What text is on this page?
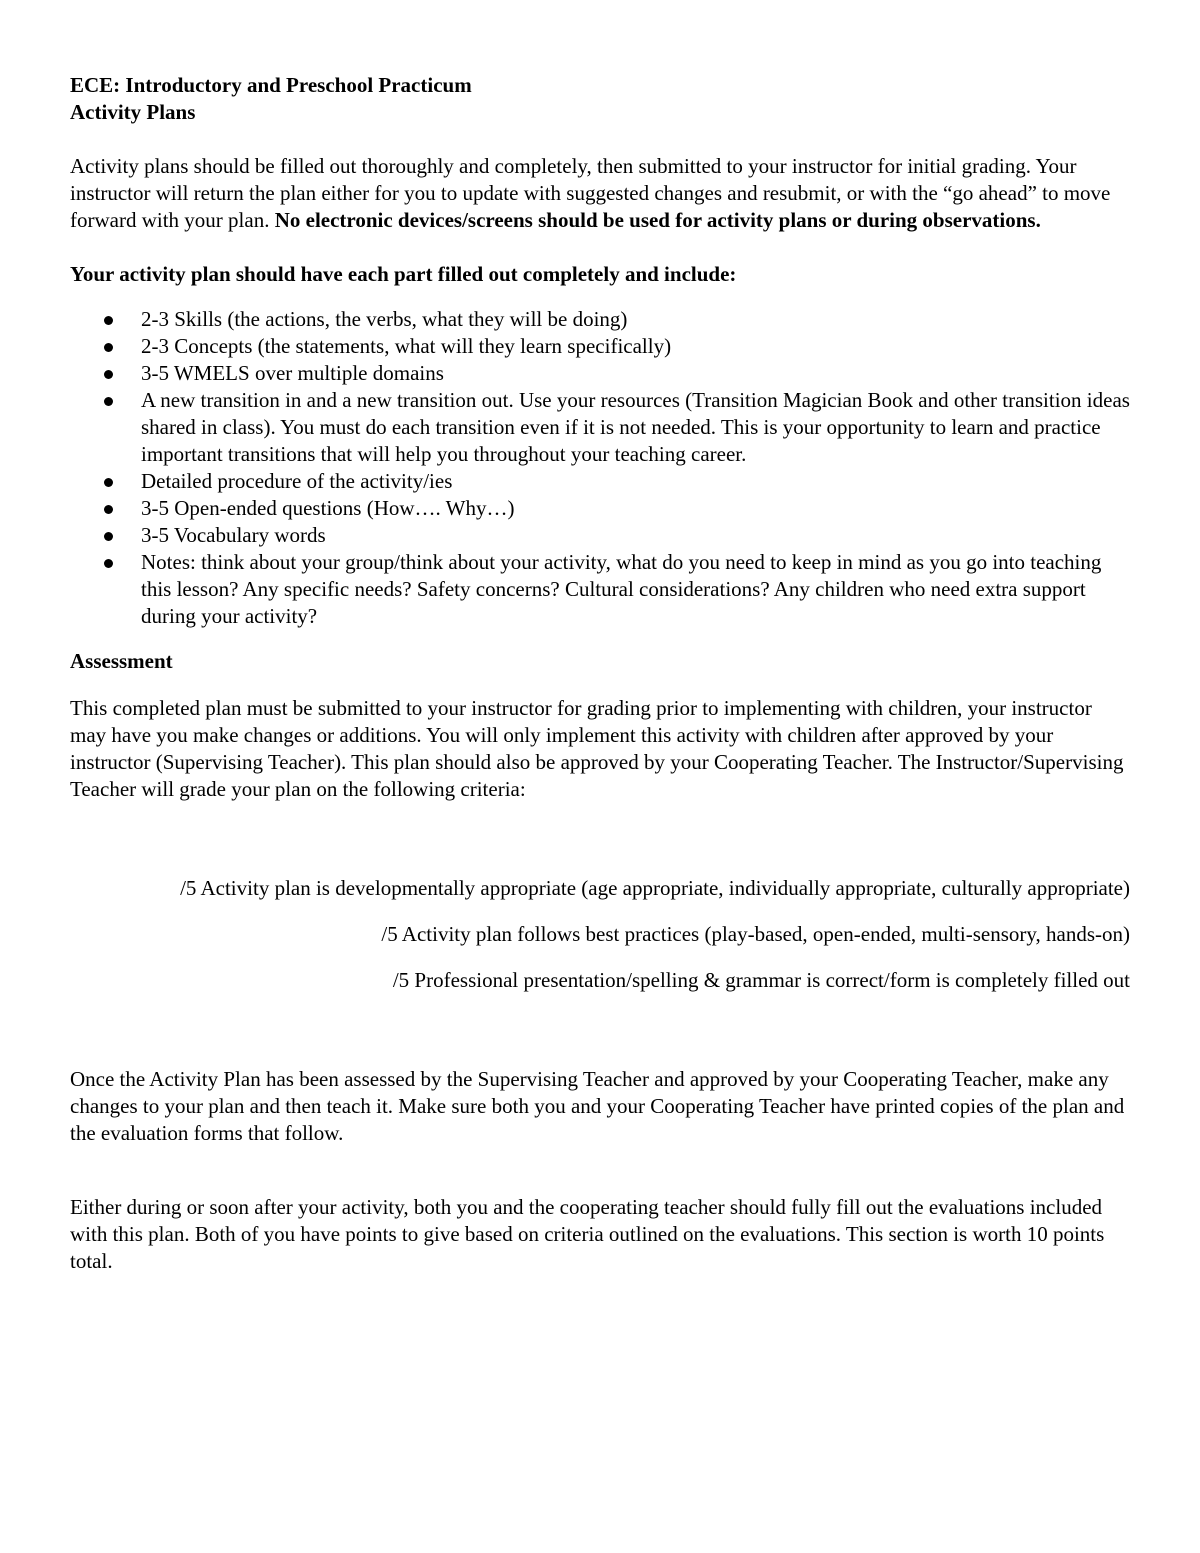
ECE: Introductory and Preschool Practicum

Activity Plans

Activity plans should be filled out thoroughly and completely, then submitted to your instructor for initial grading. Your instructor will return the plan either for you to update with suggested changes and resubmit, or with the “go ahead” to move forward with your plan. No electronic devices/screens should be used for activity plans or during observations.

Your activity plan should have each part filled out completely and include:

2-3 Skills (the actions, the verbs, what they will be doing)
2-3 Concepts (the statements, what will they learn specifically)
3-5 WMELS over multiple domains
A new transition in and a new transition out. Use your resources (Transition Magician Book and other transition ideas shared in class). You must do each transition even if it is not needed. This is your opportunity to learn and practice important transitions that will help you throughout your teaching career.
Detailed procedure of the activity/ies
3-5 Open-ended questions (How…. Why…)
3-5 Vocabulary words
Notes: think about your group/think about your activity, what do you need to keep in mind as you go into teaching this lesson? Any specific needs? Safety concerns? Cultural considerations? Any children who need extra support during your activity?

Assessment

This completed plan must be submitted to your instructor for grading prior to implementing with children, your instructor may have you make changes or additions. You will only implement this activity with children after approved by your instructor (Supervising Teacher). This plan should also be approved by your Cooperating Teacher. The Instructor/Supervising Teacher will grade your plan on the following criteria:

/5 Activity plan is developmentally appropriate (age appropriate, individually appropriate, culturally appropriate)

/5 Activity plan follows best practices (play-based, open-ended, multi-sensory, hands-on)

/5 Professional presentation/spelling & grammar is correct/form is completely filled out

Once the Activity Plan has been assessed by the Supervising Teacher and approved by your Cooperating Teacher, make any changes to your plan and then teach it. Make sure both you and your Cooperating Teacher have printed copies of the plan and the evaluation forms that follow.

Either during or soon after your activity, both you and the cooperating teacher should fully fill out the evaluations included with this plan. Both of you have points to give based on criteria outlined on the evaluations. This section is worth 10 points total.
